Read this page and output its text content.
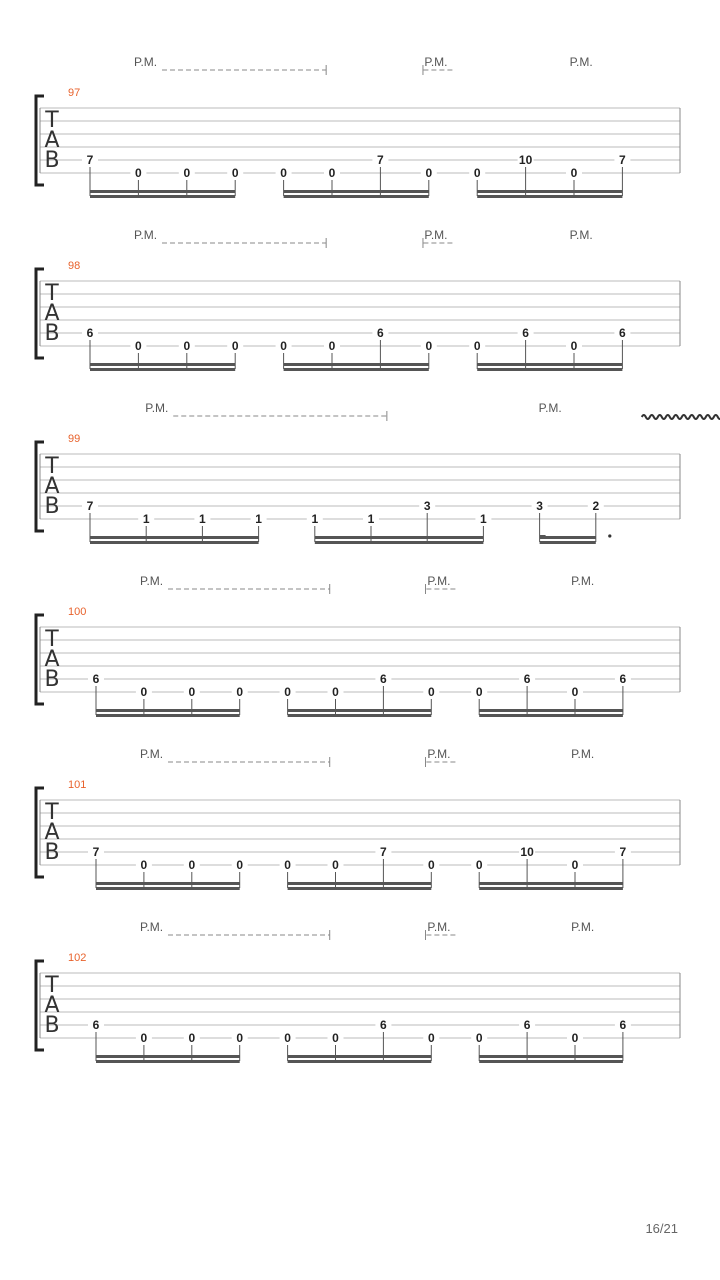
T
A
B
97
P.M.	P.M.	P.M.
7
0	0	0	0	0
7
0	0
10
0
7
T
A
B
98
P.M.	P.M.	P.M.
6
0	0	0	0	0
6
0	0
6
0
6
T
A
B
99
P.M.	P.M.
7
1	1	1	1	1
3
1
3	2
T
A
B
100
P.M.	P.M.	P.M.
6
0	0	0	0	0
6
0	0
6
0
6
T
A
B
101
P.M.	P.M.	P.M.
7
0	0	0	0	0
7
0	0
10
0
7
T
A
B
102
P.M.	P.M.	P.M.
6
0	0	0	0	0
6
0	0
6
0
6
16/21
